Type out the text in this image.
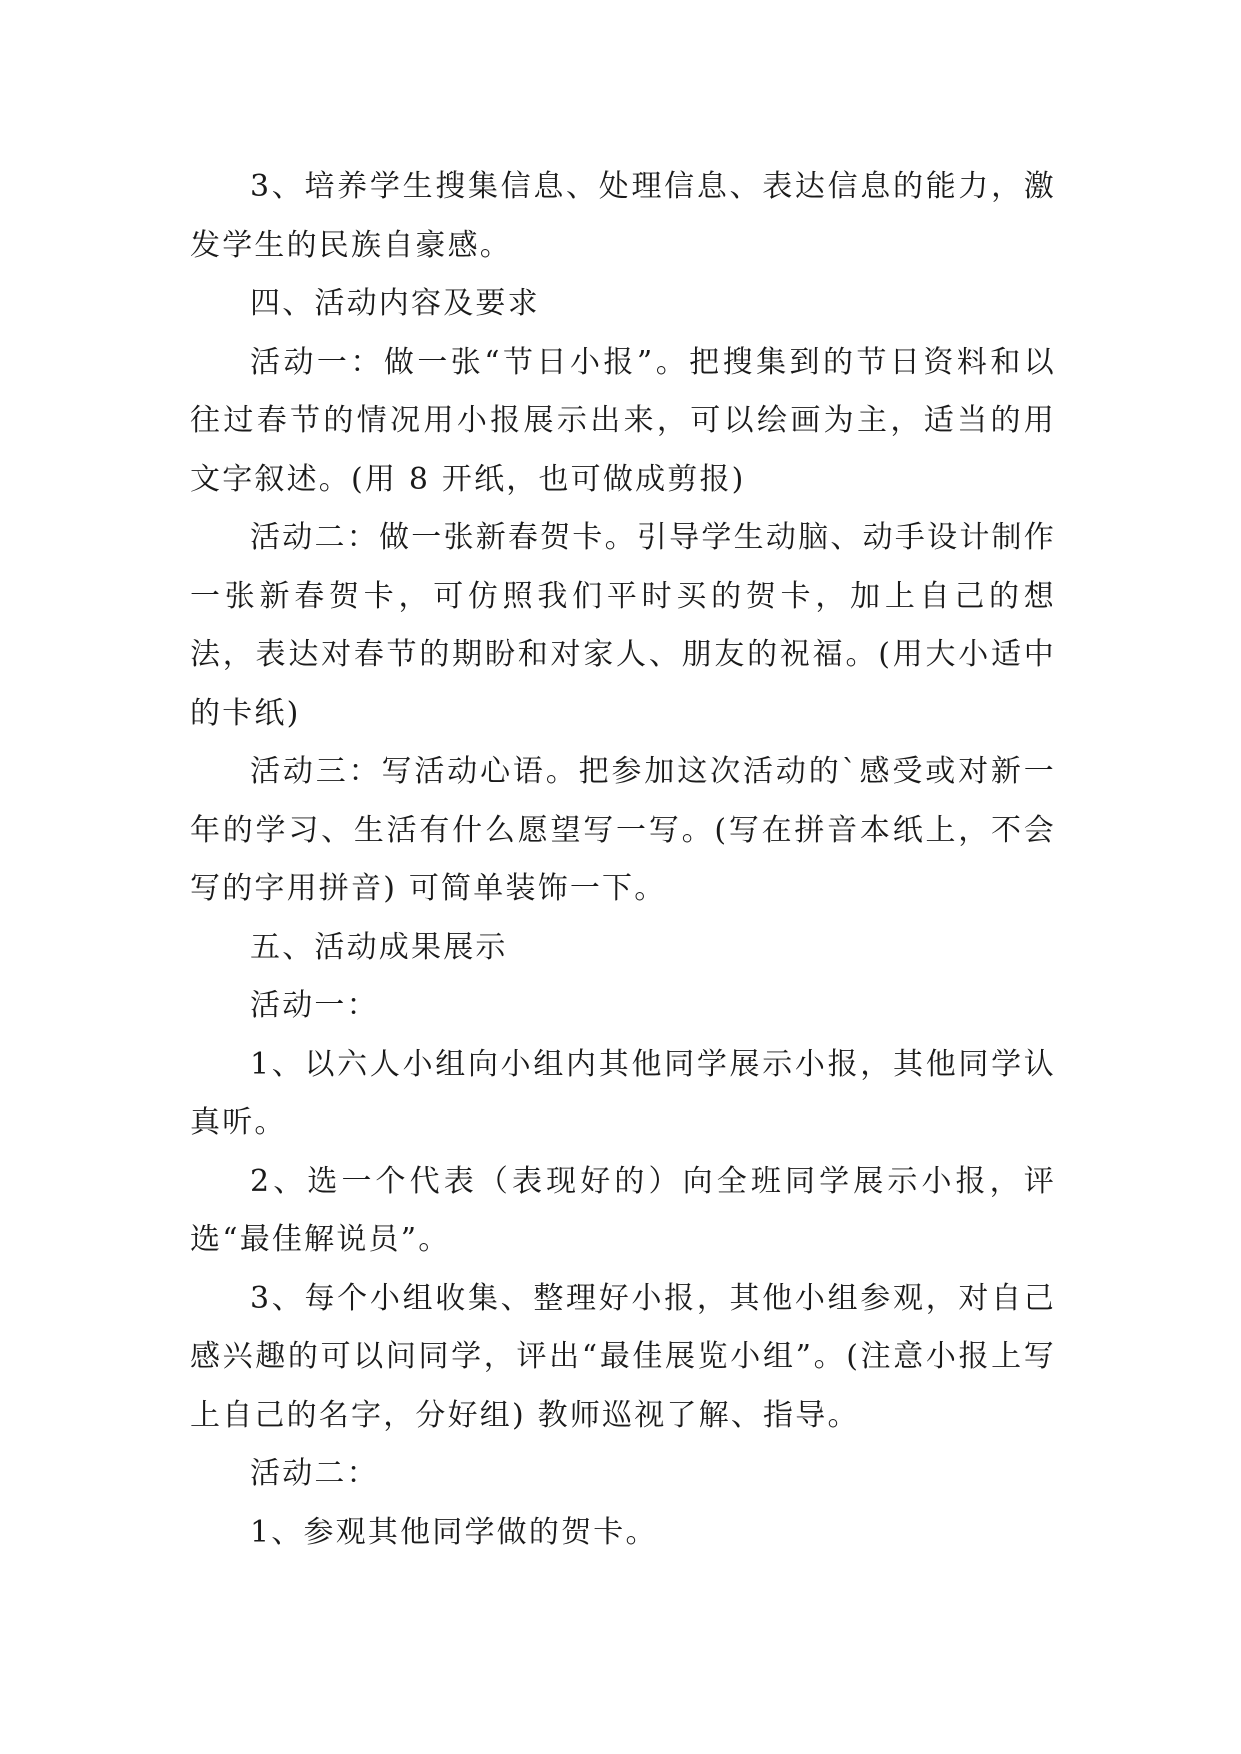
3、培养学生搜集信息、处理信息、表达信息的能力，激发学生的民族自豪感。

四、活动内容及要求

活动一：做一张“节日小报”。把搜集到的节日资料和以往过春节的情况用小报展示出来，可以绘画为主，适当的用文字叙述。(用 8 开纸，也可做成剪报)

活动二：做一张新春贺卡。引导学生动脑、动手设计制作一张新春贺卡，可仿照我们平时买的贺卡，加上自己的想法，表达对春节的期盼和对家人、朋友的祝福。(用大小适中的卡纸)

活动三：写活动心语。把参加这次活动的`感受或对新一年的学习、生活有什么愿望写一写。(写在拼音本纸上，不会写的字用拼音) 可简单装饰一下。

五、活动成果展示

活动一：

1、以六人小组向小组内其他同学展示小报，其他同学认真听。

2、选一个代表（表现好的）向全班同学展示小报，评选“最佳解说员”。

3、每个小组收集、整理好小报，其他小组参观，对自己感兴趣的可以问同学，评出“最佳展览小组”。(注意小报上写上自己的名字，分好组) 教师巡视了解、指导。

活动二：

1、参观其他同学做的贺卡。
